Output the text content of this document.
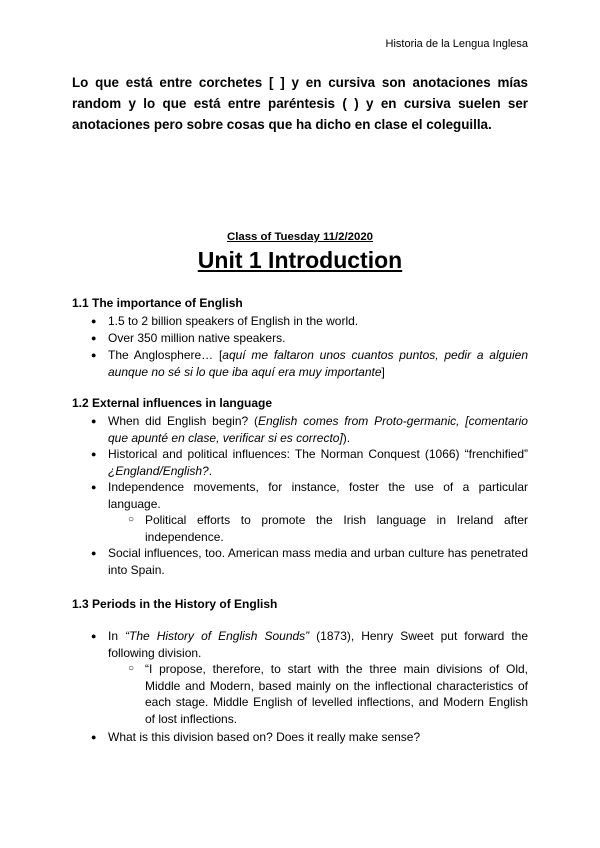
Historia de la Lengua Inglesa
Lo que está entre corchetes [ ] y en cursiva son anotaciones mías random y lo que está entre paréntesis ( ) y en cursiva suelen ser anotaciones pero sobre cosas que ha dicho en clase el coleguilla.
Class of Tuesday 11/2/2020
Unit 1 Introduction
1.1 The importance of English
● 1.5 to 2 billion speakers of English in the world.
● Over 350 million native speakers.
● The Anglosphere… [aquí me faltaron unos cuantos puntos, pedir a alguien aunque no sé si lo que iba aquí era muy importante]
1.2 External influences in language
● When did English begin? (English comes from Proto-germanic, [comentario que apunté en clase, verificar si es correcto]).
● Historical and political influences: The Norman Conquest (1066) “frenchified” ¿England/English?.
● Independence movements, for instance, foster the use of a particular language.
○ Political efforts to promote the Irish language in Ireland after independence.
● Social influences, too. American mass media and urban culture has penetrated into Spain.
1.3 Periods in the History of English
● In “The History of English Sounds” (1873), Henry Sweet put forward the following division.
○ “I propose, therefore, to start with the three main divisions of Old, Middle and Modern, based mainly on the inflectional characteristics of each stage. Middle English of levelled inflections, and Modern English of lost inflections.
● What is this division based on? Does it really make sense?
